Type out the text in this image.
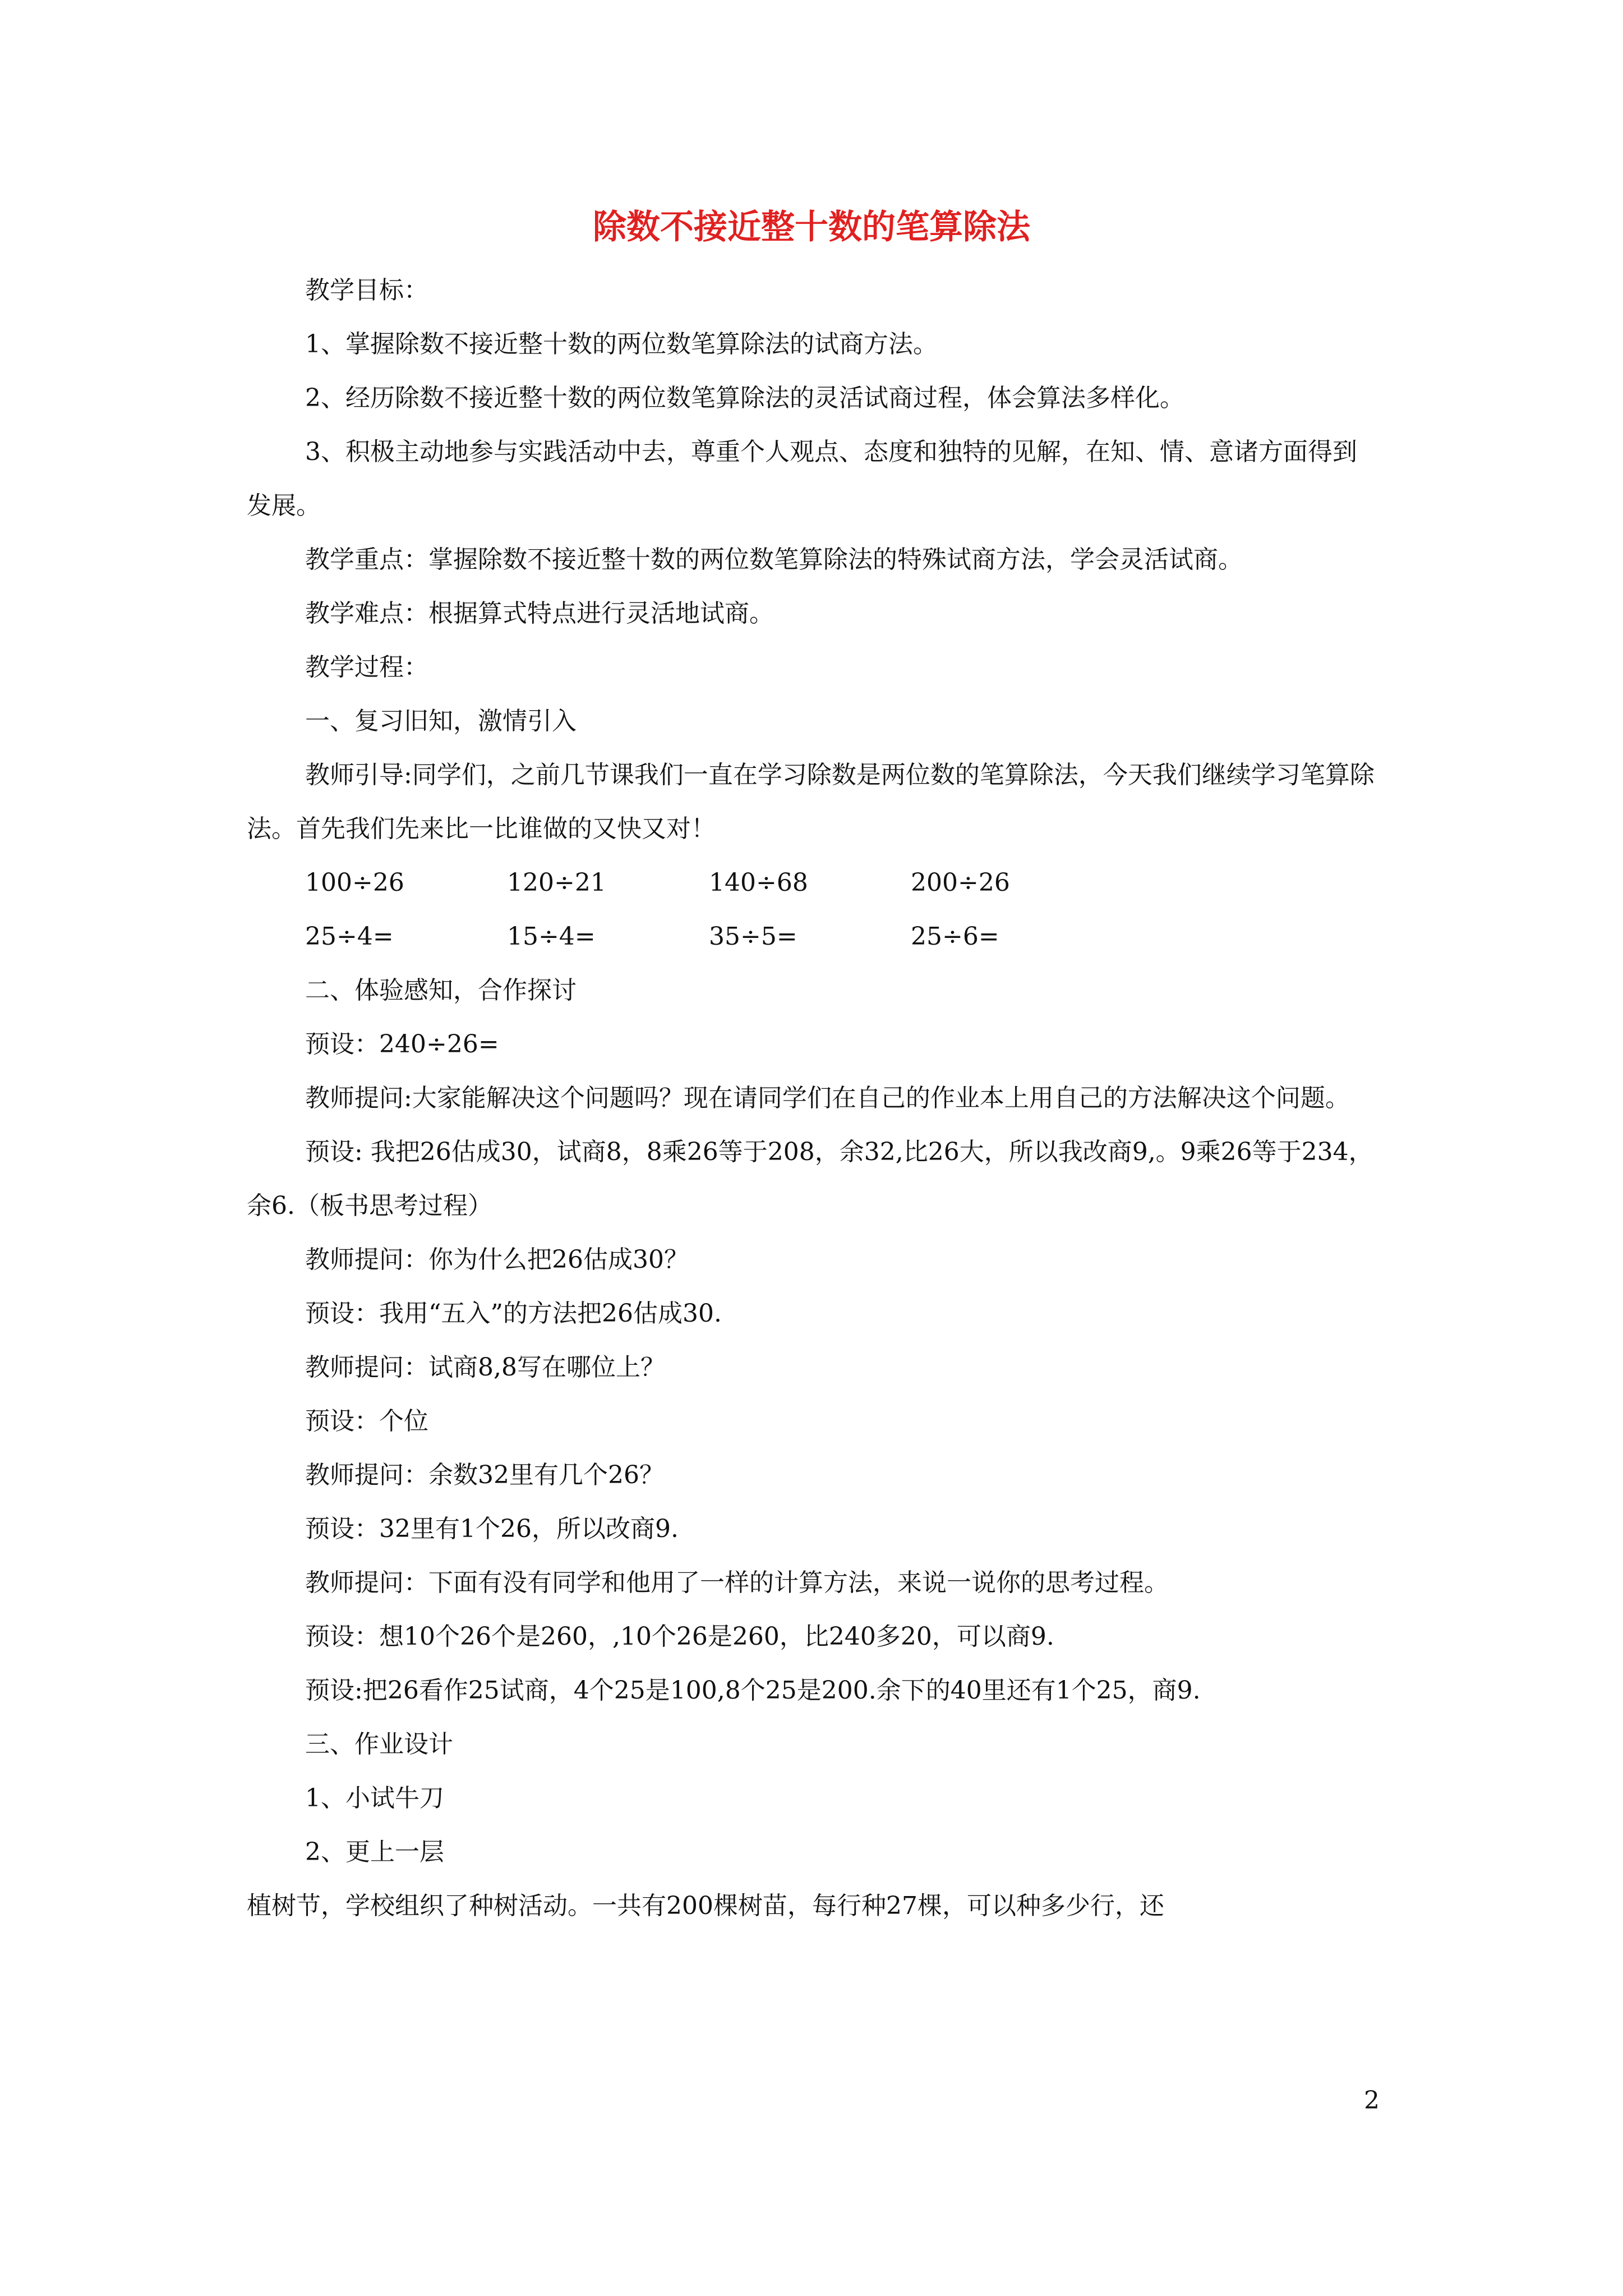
除数不接近整十数的笔算除法

教学目标：

1、掌握除数不接近整十数的两位数笔算除法的试商方法。

2、经历除数不接近整十数的两位数笔算除法的灵活试商过程，体会算法多样化。

3、积极主动地参与实践活动中去，尊重个人观点、态度和独特的见解，在知、情、意诸方面得到发展。

教学重点：掌握除数不接近整十数的两位数笔算除法的特殊试商方法，学会灵活试商。

教学难点：根据算式特点进行灵活地试商。

教学过程：

一、复习旧知，激情引入

教师引导:同学们，之前几节课我们一直在学习除数是两位数的笔算除法，今天我们继续学习笔算除法。首先我们先来比一比谁做的又快又对！

100÷26	120÷21	140÷68	200÷26
25÷4=	15÷4=	35÷5=	25÷6=

二、体验感知，合作探讨

预设：240÷26=

教师提问:大家能解决这个问题吗？现在请同学们在自己的作业本上用自己的方法解决这个问题。

预设: 我把26估成30，试商8，8乘26等于208，余32,比26大，所以我改商9,。9乘26等于234，余6.（板书思考过程）

教师提问：你为什么把26估成30？

预设：我用“五入”的方法把26估成30.

教师提问：试商8,8写在哪位上？

预设：个位

教师提问：余数32里有几个26？

预设：32里有1个26，所以改商9.

教师提问：下面有没有同学和他用了一样的计算方法，来说一说你的思考过程。

预设：想10个26个是260，,10个26是260，比240多20，可以商9.

预设:把26看作25试商，4个25是100,8个25是200.余下的40里还有1个25，商9.

三、作业设计

1、小试牛刀

2、更上一层

植树节，学校组织了种树活动。一共有200棵树苗，每行种27棵，可以种多少行，还

2
